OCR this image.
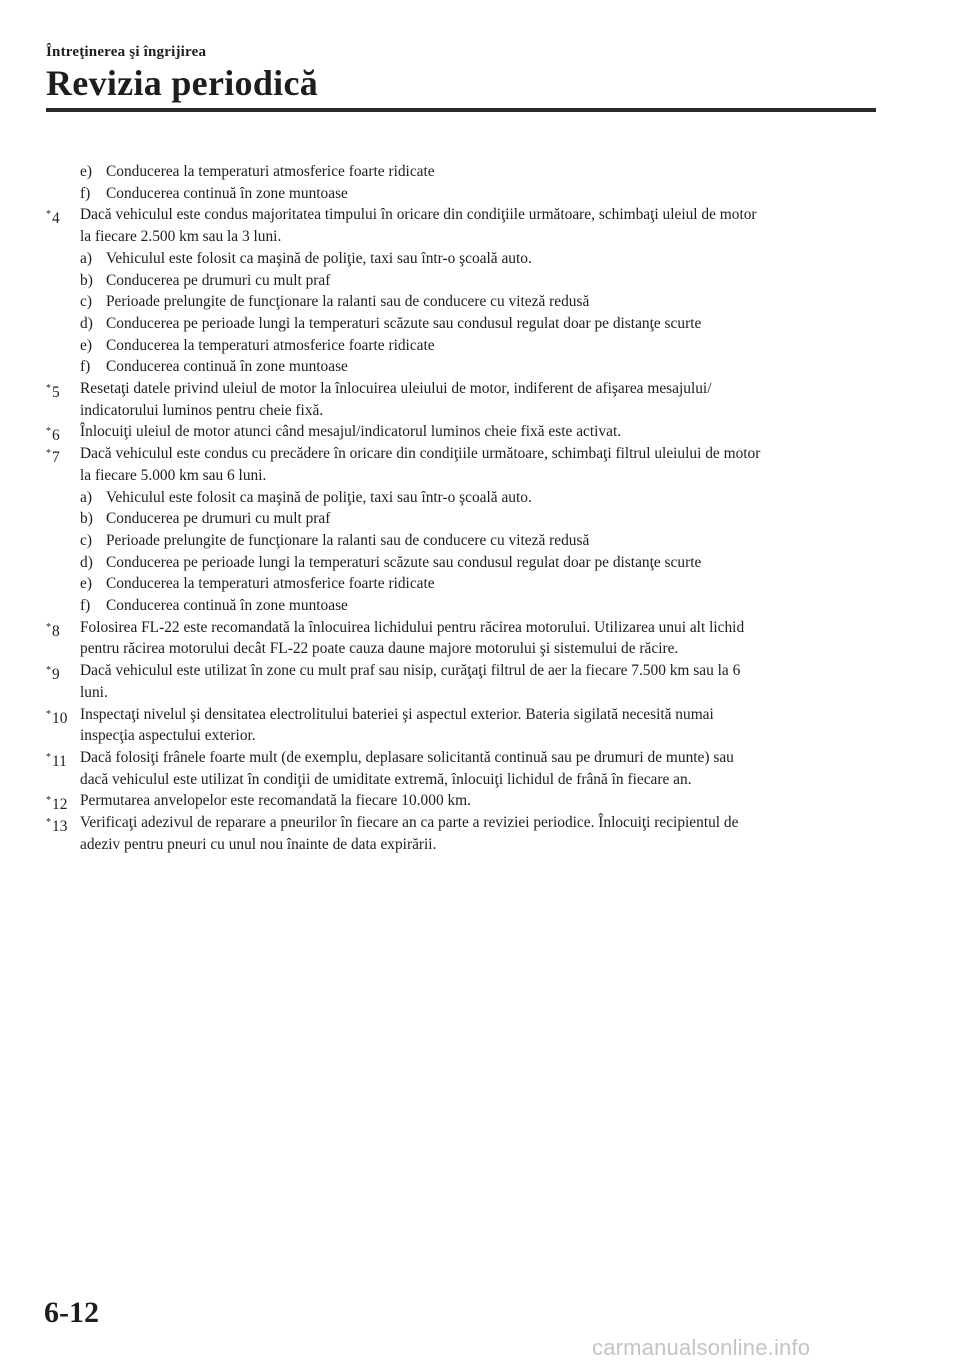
Întreţinerea şi îngrijirea
Revizia periodică
e) Conducerea la temperaturi atmosferice foarte ridicate
f) Conducerea continuă în zone muntoase
*4 Dacă vehiculul este condus majoritatea timpului în oricare din condiţiile următoare, schimbaţi uleiul de motor
la fiecare 2.500 km sau la 3 luni.
a) Vehiculul este folosit ca maşină de poliţie, taxi sau într-o şcoală auto.
b) Conducerea pe drumuri cu mult praf
c) Perioade prelungite de funcţionare la ralanti sau de conducere cu viteză redusă
d) Conducerea pe perioade lungi la temperaturi scăzute sau condusul regulat doar pe distanţe scurte
e) Conducerea la temperaturi atmosferice foarte ridicate
f) Conducerea continuă în zone muntoase
*5 Resetaţi datele privind uleiul de motor la înlocuirea uleiului de motor, indiferent de afişarea mesajului/
indicatorului luminos pentru cheie fixă.
*6 Înlocuiţi uleiul de motor atunci când mesajul/indicatorul luminos cheie fixă este activat.
*7 Dacă vehiculul este condus cu precădere în oricare din condiţiile următoare, schimbaţi filtrul uleiului de motor
la fiecare 5.000 km sau 6 luni.
a) Vehiculul este folosit ca maşină de poliţie, taxi sau într-o şcoală auto.
b) Conducerea pe drumuri cu mult praf
c) Perioade prelungite de funcţionare la ralanti sau de conducere cu viteză redusă
d) Conducerea pe perioade lungi la temperaturi scăzute sau condusul regulat doar pe distanţe scurte
e) Conducerea la temperaturi atmosferice foarte ridicate
f) Conducerea continuă în zone muntoase
*8 Folosirea FL-22 este recomandată la înlocuirea lichidului pentru răcirea motorului. Utilizarea unui alt lichid
pentru răcirea motorului decât FL-22 poate cauza daune majore motorului şi sistemului de răcire.
*9 Dacă vehiculul este utilizat în zone cu mult praf sau nisip, curăţaţi filtrul de aer la fiecare 7.500 km sau la 6
luni.
*10 Inspectaţi nivelul şi densitatea electrolitului bateriei şi aspectul exterior. Bateria sigilată necesită numai
inspecţia aspectului exterior.
*11 Dacă folosiţi frânele foarte mult (de exemplu, deplasare solicitantă continuă sau pe drumuri de munte) sau
dacă vehiculul este utilizat în condiţii de umiditate extremă, înlocuiţi lichidul de frână în fiecare an.
*12 Permutarea anvelopelor este recomandată la fiecare 10.000 km.
*13 Verificaţi adezivul de reparare a pneurilor în fiecare an ca parte a reviziei periodice. Înlocuiţi recipientul de
adeziv pentru pneuri cu unul nou înainte de data expirării.
6-12
carmanualsonline.info
